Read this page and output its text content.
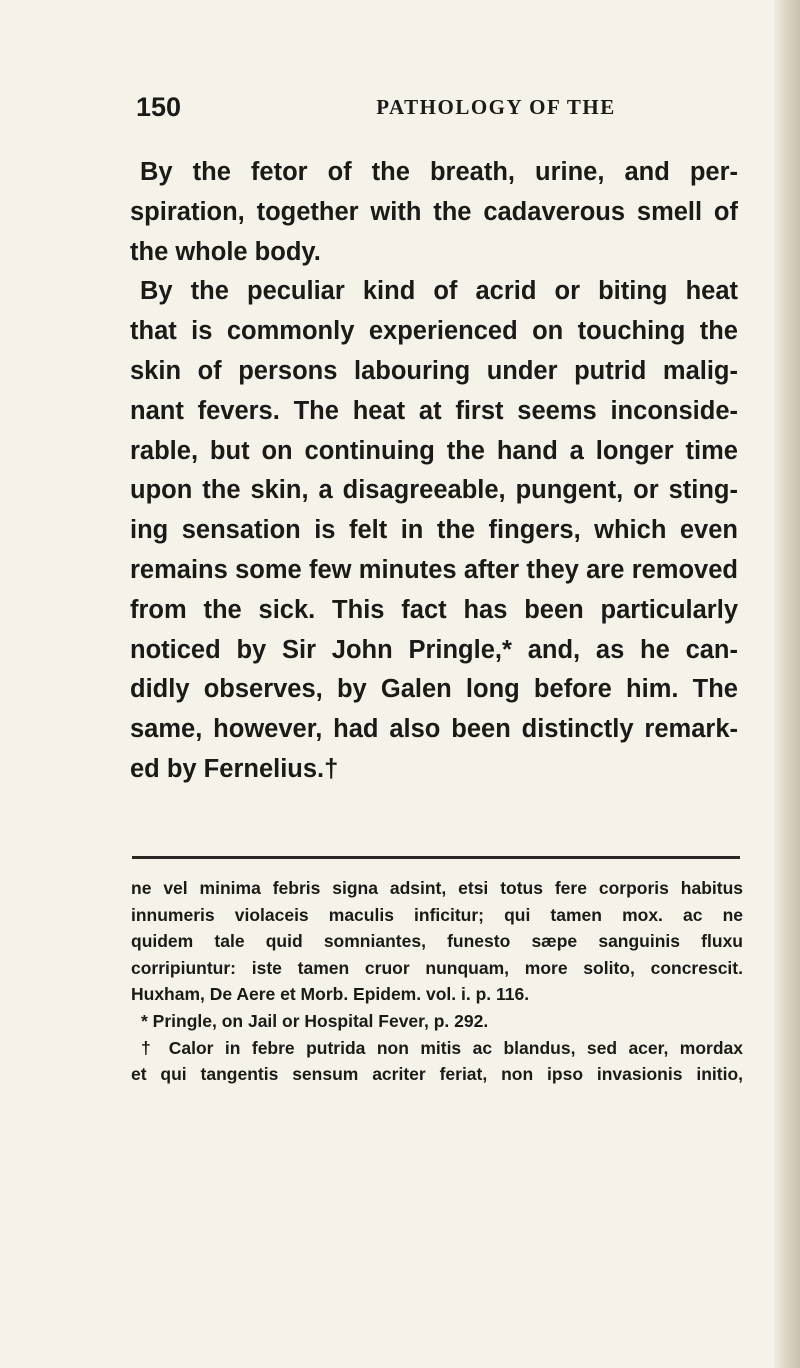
150	PATHOLOGY OF THE
By the fetor of the breath, urine, and per-
spiration, together with the cadaverous smell of
the whole body.
By the peculiar kind of acrid or biting heat
that is commonly experienced on touching the
skin of persons labouring under putrid malig-
nant fevers. The heat at first seems inconside-
rable, but on continuing the hand a longer time
upon the skin, a disagreeable, pungent, or sting-
ing sensation is felt in the fingers, which even
remains some few minutes after they are removed
from the sick. This fact has been particularly
noticed by Sir John Pringle,* and, as he can-
didly observes, by Galen long before him. The
same, however, had also been distinctly remark-
ed by Fernelius.†
ne vel minima febris signa adsint, etsi totus fere corporis habitus
innumeris violaceis maculis inficitur; qui tamen mox. ac ne
quidem tale quid somniantes, funesto sæpe sanguinis fluxu
corripiuntur: iste tamen cruor nunquam, more solito, concrescit.
Huxham, De Aere et Morb. Epidem. vol. i. p. 116.
* Pringle, on Jail or Hospital Fever, p. 292.
† Calor in febre putrida non mitis ac blandus, sed acer, mordax
et qui tangentis sensum acriter feriat, non ipso invasionis initio,
